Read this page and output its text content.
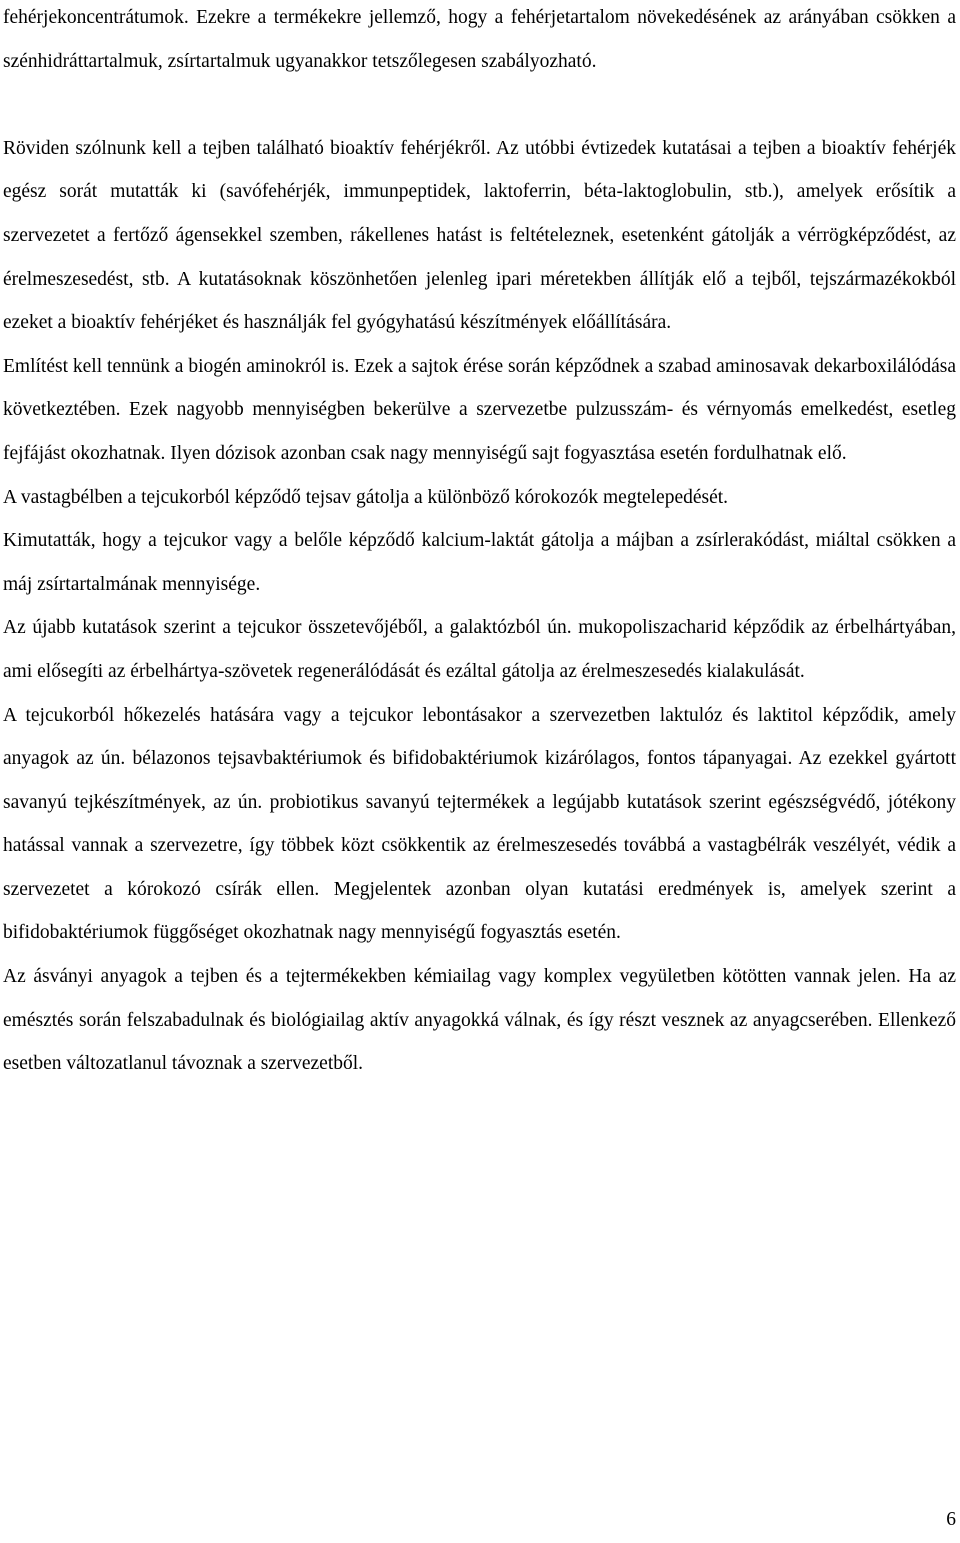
fehérjekoncentrátumok. Ezekre a termékekre jellemző, hogy a fehérjetartalom növekedésének az arányában csökken a szénhidráttartalmuk, zsírtartalmuk ugyanakkor tetszőlegesen szabályozható.

Röviden szólnunk kell a tejben található bioaktív fehérjékről. Az utóbbi évtizedek kutatásai a tejben a bioaktív fehérjék egész sorát mutatták ki (savófehérjék, immunpeptidek, laktoferrin, béta-laktoglobulin, stb.), amelyek erősítik a szervezetet a fertőző ágensekkel szemben, rákellenes hatást is feltételeznek, esetenként gátolják a vérrögképződést, az érelmeszesedést, stb. A kutatásoknak köszönhetően jelenleg ipari méretekben állítják elő a tejből, tejszármazékokból ezeket a bioaktív fehérjéket és használják fel gyógyhatású készítmények előállítására.

Említést kell tennünk a biogén aminokról is. Ezek a sajtok érése során képződnek a szabad aminosavak dekarboxilálódása következtében. Ezek nagyobb mennyiségben bekerülve a szervezetbe pulzusszám- és vérnyomás emelkedést, esetleg fejfájást okozhatnak. Ilyen dózisok azonban csak nagy mennyiségű sajt fogyasztása esetén fordulhatnak elő.

A vastagbélben a tejcukorból képződő tejsav gátolja a különböző kórokozók megtelepedését.

Kimutatták, hogy a tejcukor vagy a belőle képződő kalcium-laktát gátolja a májban a zsírlerakódást, miáltal csökken a máj zsírtartalmának mennyisége.

Az újabb kutatások szerint a tejcukor összetevőjéből, a galaktózból ún. mukopoliszacharid képződik az érbelhártyában, ami elősegíti az érbelhártya-szövetek regenerálódását és ezáltal gátolja az érelmeszesedés kialakulását.

A tejcukorból hőkezelés hatására vagy a tejcukor lebontásakor a szervezetben laktulóz és laktitol képződik, amely anyagok az ún. bélazonos tejsavbaktériumok és bifidobaktériumok kizárólagos, fontos tápanyagai. Az ezekkel gyártott savanyú tejkészítmények, az ún. probiotikus savanyú tejtermékek a legújabb kutatások szerint egészségvédő, jótékony hatással vannak a szervezetre, így többek közt csökkentik az érelmeszesedés továbbá a vastagbélrák veszélyét, védik a szervezetet a kórokozó csírák ellen. Megjelentek azonban olyan kutatási eredmények is, amelyek szerint a bifidobaktériumok függőséget okozhatnak nagy mennyiségű fogyasztás esetén.

Az ásványi anyagok a tejben és a tejtermékekben kémiailag vagy komplex vegyületben kötötten vannak jelen. Ha az emésztés során felszabadulnak és biológiailag aktív anyagokká válnak, és így részt vesznek az anyagcserében. Ellenkező esetben változatlanul távoznak a szervezetből.

6
